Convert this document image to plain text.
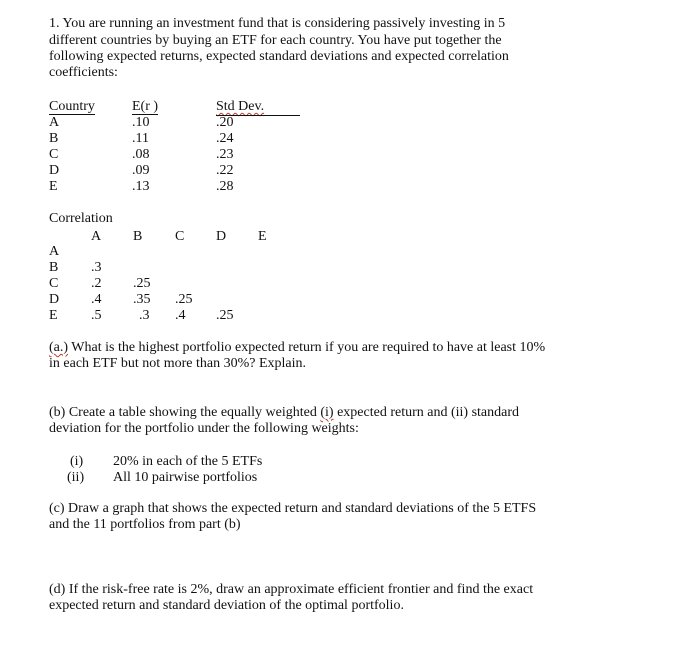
1. You are running an investment fund that is considering passively investing in 5
different countries by buying an ETF for each country. You have put together the
following expected returns, expected standard deviations and expected correlation
coefficients:
Country	E(r )	Std Dev.
A	.10	.20
B	.11	.24
C	.08	.23
D	.09	.22
E	.13	.28
Correlation
A B C D E
A
B .3
C .2 .25
D .4 .35 .25
E .5	.3 .4 .25
(a.) What is the highest portfolio expected return if you are required to have at least 10%
in each ETF but not more than 30%? Explain.
(b) Create a table showing the equally weighted (i) expected return and (ii) standard
deviation for the portfolio under the following weights:
(i) 20% in each of the 5 ETFs
(ii) All 10 pairwise portfolios
(c) Draw a graph that shows the expected return and standard deviations of the 5 ETFS
and the 11 portfolios from part (b)
(d) If the risk-free rate is 2%, draw an approximate efficient frontier and find the exact
expected return and standard deviation of the optimal portfolio.
